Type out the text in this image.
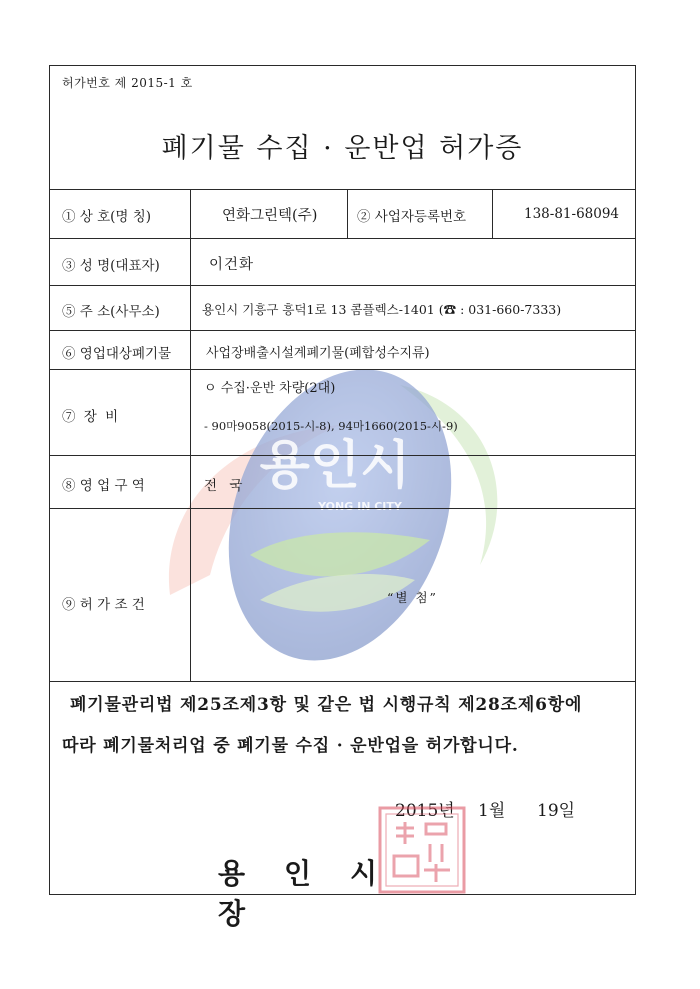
용인시
YONG IN CITY
허가번호 제 2015-1 호
폐기물 수집 · 운반업 허가증
① 상 호(명 칭)	연화그린텍(주)	② 사업자등록번호	138-81-68094
③ 성 명(대표자)	이건화
⑤ 주 소(사무소)	용인시 기흥구 흥덕1로 13 콤플렉스-1401 (☎ : 031-660-7333)
⑥ 영업대상폐기물	사업장배출시설계폐기물(폐합성수지류)
⑦ 장 비
ㅇ 수집·운반 차량(2대)
- 90마9058(2015-시-8), 94마1660(2015-시-9)
⑧ 영 업 구 역	전 국
⑨ 허 가 조 건	“별 첨”
폐기물관리법 제25조제3항 및 같은 법 시행규칙 제28조제6항에
따라 폐기물처리업 중 폐기물 수집 · 운반업을 허가합니다.
2015년 1월 19일
용 인 시장
